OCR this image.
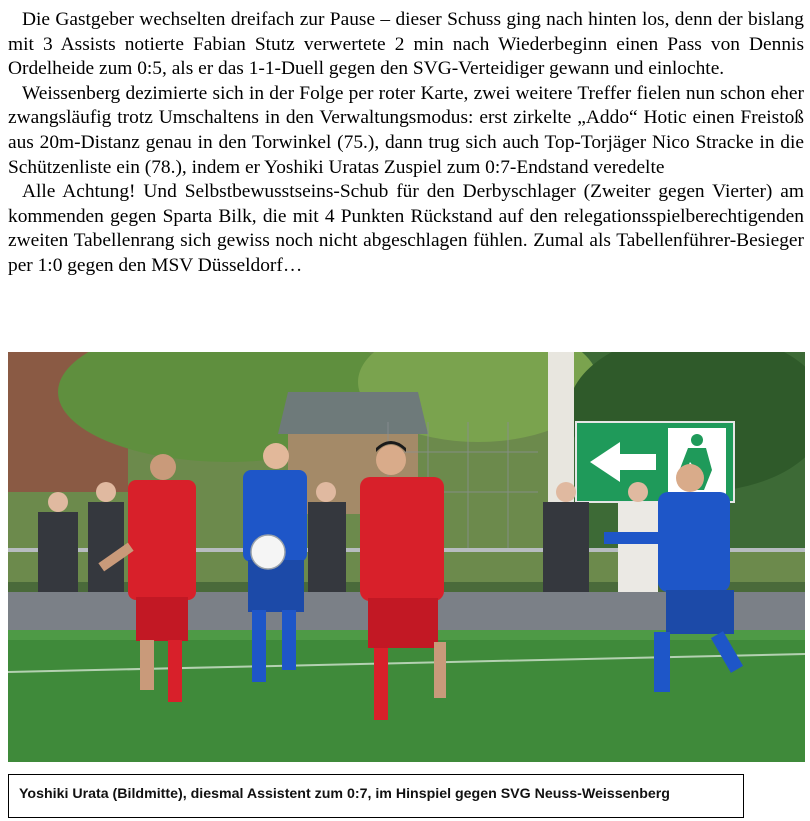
Die Gastgeber wechselten dreifach zur Pause – dieser Schuss ging nach hinten los, denn der bislang mit 3 Assists notierte Fabian Stutz verwertete 2 min nach Wiederbeginn einen Pass von Dennis Ordelheide zum 0:5, als er das 1-1-Duell gegen den SVG-Verteidiger gewann und einlochte.

Weissenberg dezimierte sich in der Folge per roter Karte, zwei weitere Treffer fielen nun schon eher zwangsläufig trotz Umschaltens in den Verwaltungsmodus: erst zirkelte „Addo“ Hotic einen Freistoß aus 20m-Distanz genau in den Torwinkel (75.), dann trug sich auch Top-Torjäger Nico Stracke in die Schützenliste ein (78.), indem er Yoshiki Uratas Zuspiel zum 0:7-Endstand veredelte

Alle Achtung! Und Selbstbewusstseins-Schub für den Derbyschlager (Zweiter gegen Vierter) am kommenden gegen Sparta Bilk, die mit 4 Punkten Rückstand auf den relegationsspielberechtigenden zweiten Tabellenrang sich gewiss noch nicht abgeschlagen fühlen. Zumal als Tabellenführer-Besieger per 1:0 gegen den MSV Düsseldorf…

Yoshiki Urata (Bildmitte), diesmal Assistent zum 0:7, im Hinspiel gegen SVG Neuss-Weissenberg
